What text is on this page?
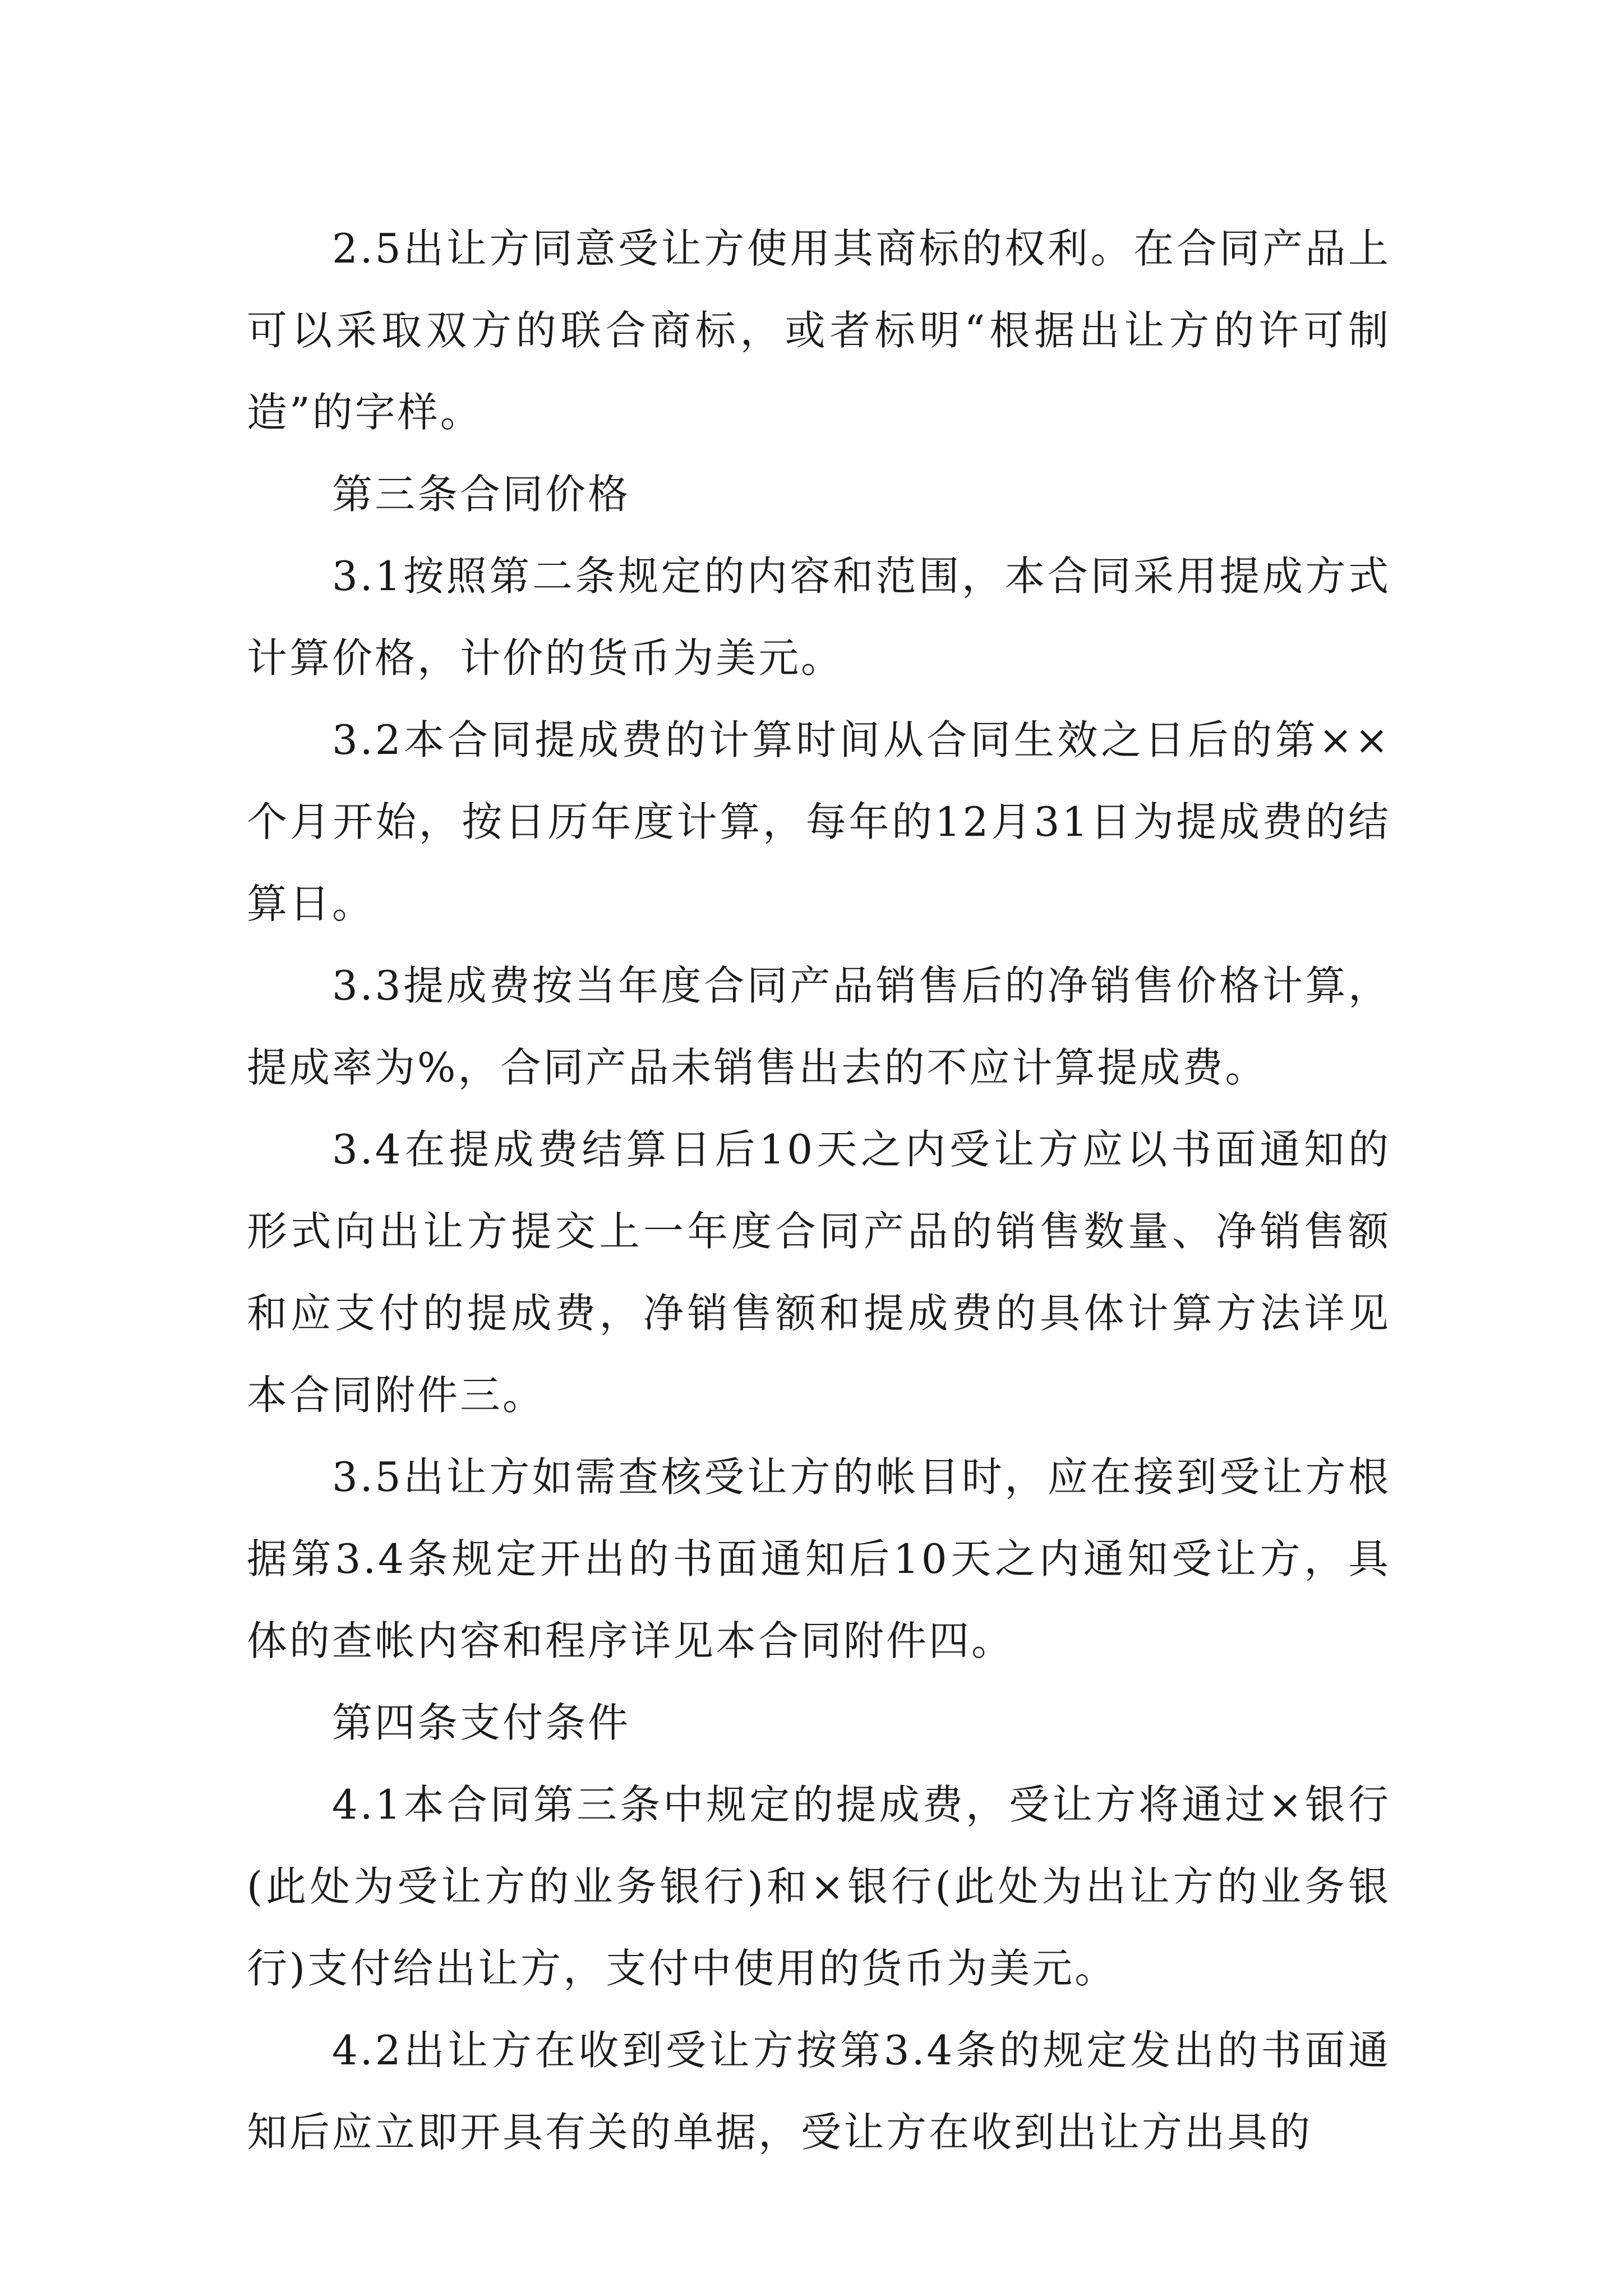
2.5出让方同意受让方使用其商标的权利。在合同产品上可以采取双方的联合商标，或者标明“根据出让方的许可制造”的字样。

第三条合同价格

3.1按照第二条规定的内容和范围，本合同采用提成方式计算价格，计价的货币为美元。

3.2本合同提成费的计算时间从合同生效之日后的第××个月开始，按日历年度计算，每年的12月31日为提成费的结算日。

3.3提成费按当年度合同产品销售后的净销售价格计算，提成率为%，合同产品未销售出去的不应计算提成费。

3.4在提成费结算日后10天之内受让方应以书面通知的形式向出让方提交上一年度合同产品的销售数量、净销售额和应支付的提成费，净销售额和提成费的具体计算方法详见本合同附件三。

3.5出让方如需查核受让方的帐目时，应在接到受让方根据第3.4条规定开出的书面通知后10天之内通知受让方，具体的查帐内容和程序详见本合同附件四。

第四条支付条件

4.1本合同第三条中规定的提成费，受让方将通过×银行(此处为受让方的业务银行)和×银行(此处为出让方的业务银行)支付给出让方，支付中使用的货币为美元。

4.2出让方在收到受让方按第3.4条的规定发出的书面通知后应立即开具有关的单据，受让方在收到出让方出具的
